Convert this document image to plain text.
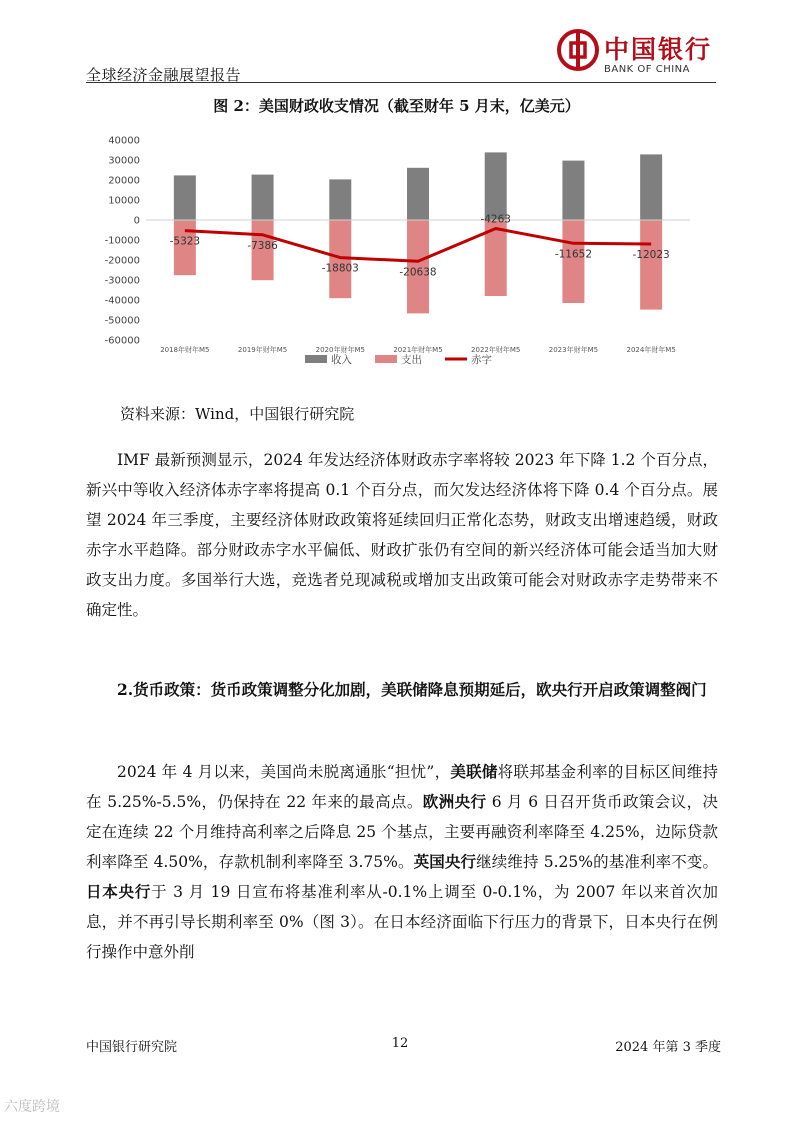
全球经济金融展望报告
中国银行
BANK OF CHINA
图 2：美国财政收支情况（截至财年 5 月末，亿美元）
40000
30000
20000
10000
0
-10000
-20000
-30000
-40000
-50000
-60000
-5323	-7386
-18803	-20638
-4263
-11652	-12023
2018年财年M5	2019年财年M5	2020年财年M5	2021年财年M5	2022年财年M5	2023年财年M5	2024年财年M5
收入	支出	赤字
资料来源：Wind，中国银行研究院

IMF 最新预测显示，2024 年发达经济体财政赤字率将较 2023 年下降 1.2 个百分点，新兴中等收入经济体赤字率将提高 0.1 个百分点，而欠发达经济体将下降 0.4 个百分点。展望 2024 年三季度，主要经济体财政政策将延续回归正常化态势，财政支出增速趋缓，财政赤字水平趋降。部分财政赤字水平偏低、财政扩张仍有空间的新兴经济体可能会适当加大财政支出力度。多国举行大选，竞选者兑现减税或增加支出政策可能会对财政赤字走势带来不确定性。

2.货币政策：货币政策调整分化加剧，美联储降息预期延后，欧央行开启政策调整阀门

2024 年 4 月以来，美国尚未脱离通胀“担忧”，美联储将联邦基金利率的目标区间维持在 5.25%-5.5%，仍保持在 22 年来的最高点。欧洲央行 6 月 6 日召开货币政策会议，决定在连续 22 个月维持高利率之后降息 25 个基点，主要再融资利率降至 4.25%，边际贷款利率降至 4.50%，存款机制利率降至 3.75%。英国央行继续维持 5.25%的基准利率不变。日本央行于 3 月 19 日宣布将基准利率从-0.1%上调至 0-0.1%，为 2007 年以来首次加息，并不再引导长期利率至 0%（图 3）。在日本经济面临下行压力的背景下，日本央行在例行操作中意外削

中国银行研究院	12	2024 年第 3 季度
六度跨境
